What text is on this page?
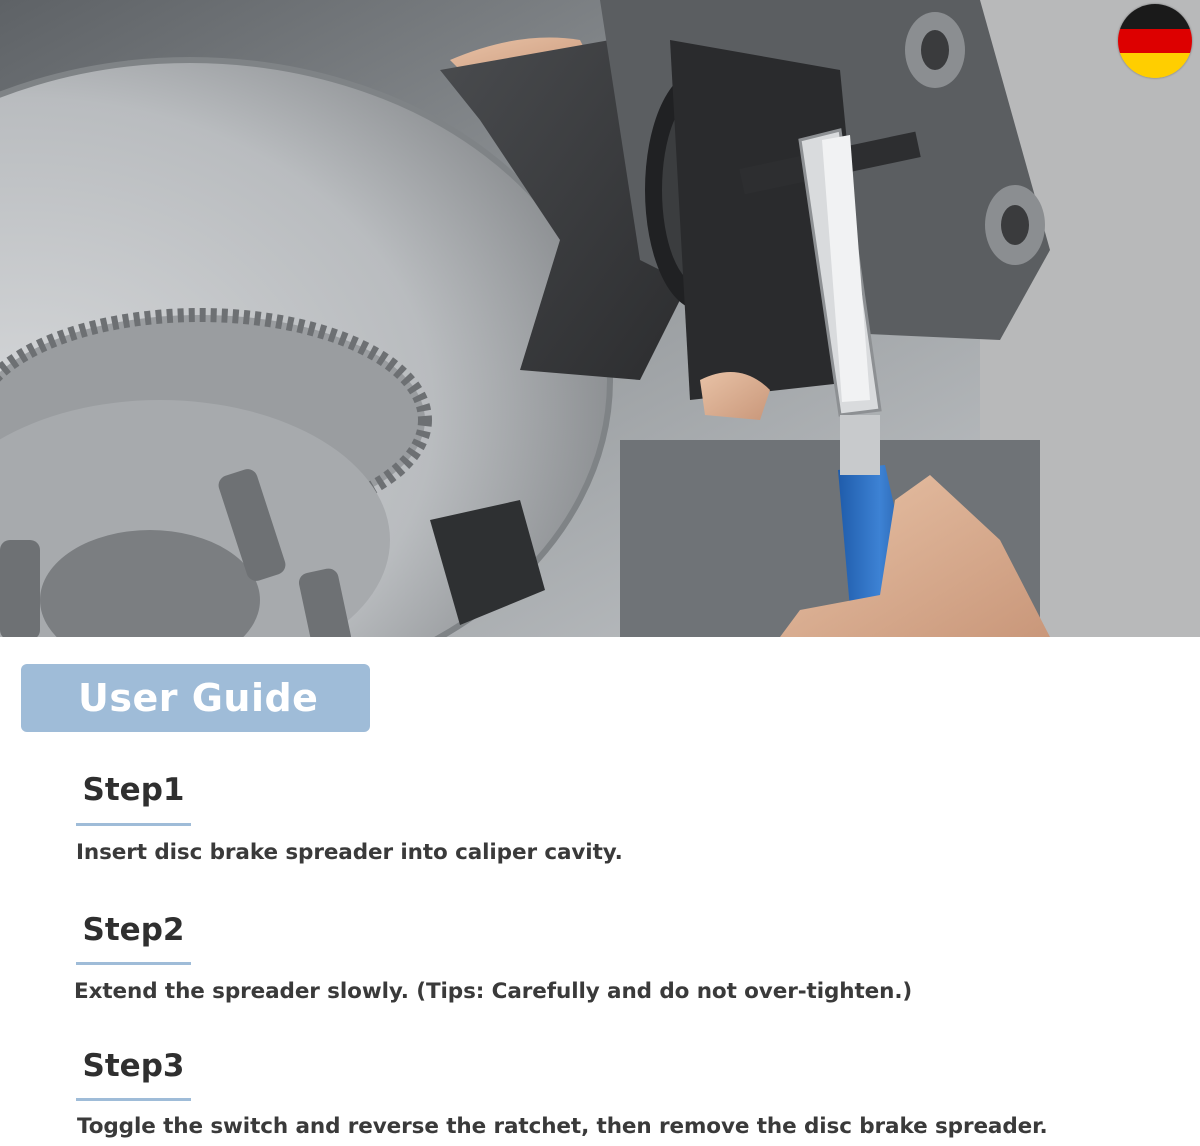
User Guide
Step1
Insert disc brake spreader into caliper cavity.
Step2
Extend the spreader slowly. (Tips: Carefully and do not over-tighten.)
Step3
Toggle the switch and reverse the ratchet, then remove the disc brake spreader.
